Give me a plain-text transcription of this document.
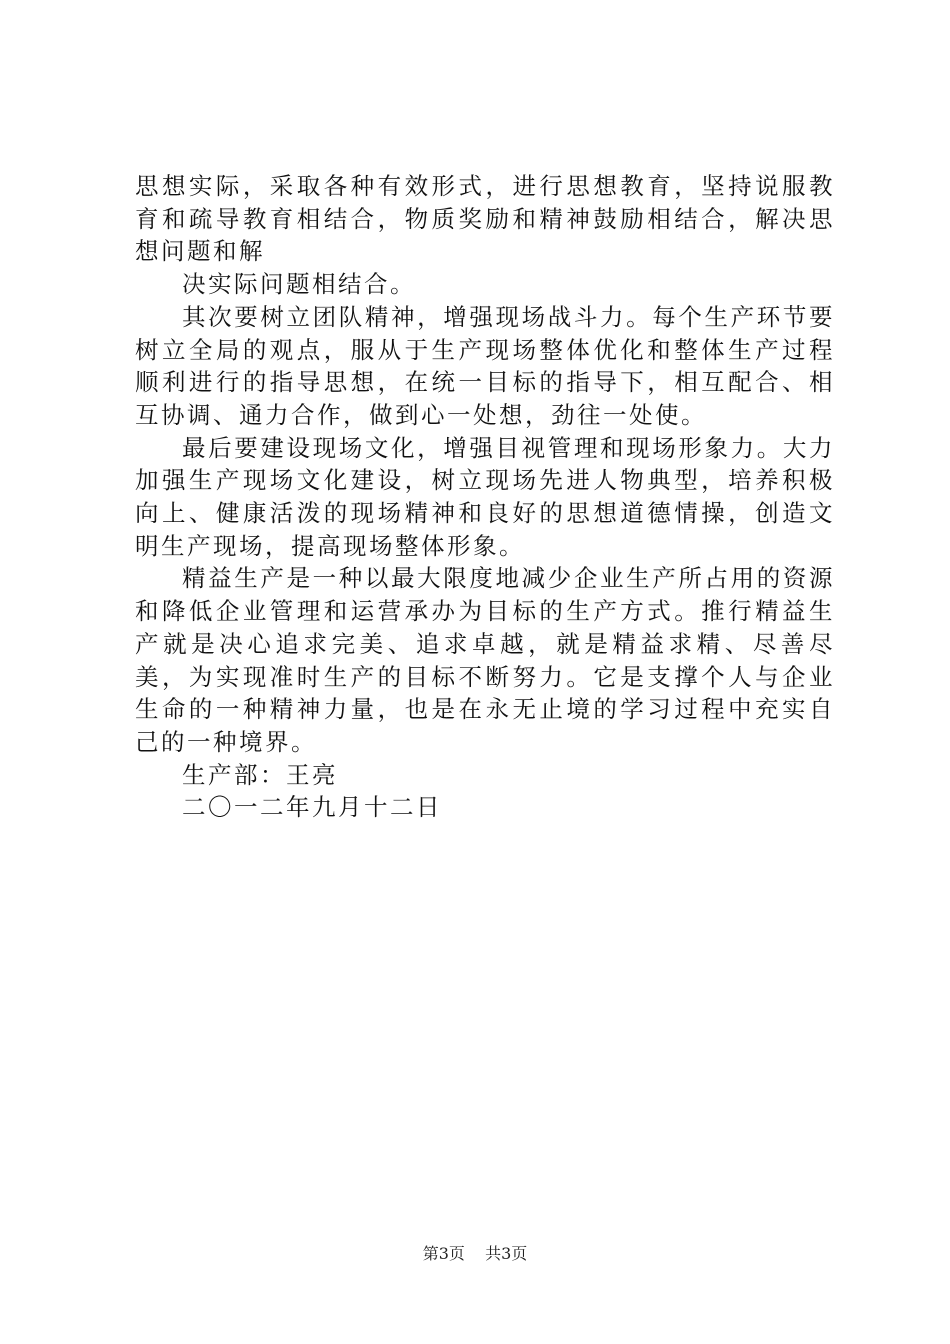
思想实际，采取各种有效形式，进行思想教育，坚持说服教育和疏导教育相结合，物质奖励和精神鼓励相结合，解决思想问题和解

决实际问题相结合。

其次要树立团队精神，增强现场战斗力。每个生产环节要树立全局的观点，服从于生产现场整体优化和整体生产过程顺利进行的指导思想，在统一目标的指导下，相互配合、相互协调、通力合作，做到心一处想，劲往一处使。

最后要建设现场文化，增强目视管理和现场形象力。大力加强生产现场文化建设，树立现场先进人物典型，培养积极向上、健康活泼的现场精神和良好的思想道德情操，创造文明生产现场，提高现场整体形象。

精益生产是一种以最大限度地减少企业生产所占用的资源和降低企业管理和运营承办为目标的生产方式。推行精益生产就是决心追求完美、追求卓越，就是精益求精、尽善尽美，为实现准时生产的目标不断努力。它是支撑个人与企业生命的一种精神力量，也是在永无止境的学习过程中充实自己的一种境界。

生产部：王亮

二〇一二年九月十二日

第3页 共3页
